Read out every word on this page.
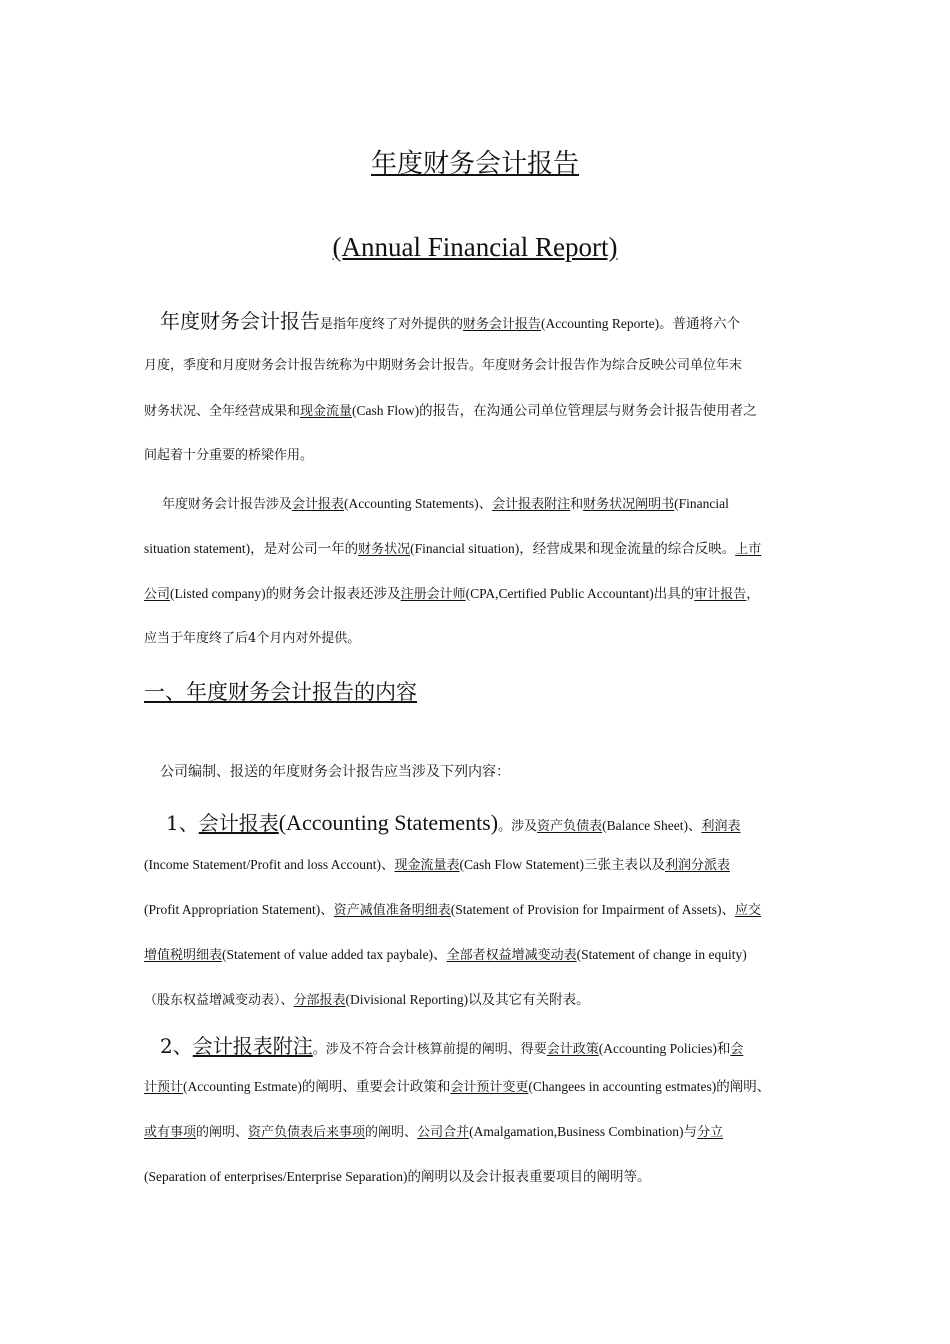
年度财务会计报告
(Annual Financial Report)
年度财务会计报告是指年度终了对外提供的财务会计报告(Accounting Reporte)。普通将六个
月度，季度和月度财务会计报告统称为中期财务会计报告。年度财务会计报告作为综合反映公司单位年末
财务状况、全年经营成果和现金流量(Cash Flow)的报告，在沟通公司单位管理层与财务会计报告使用者之
间起着十分重要的桥梁作用。
年度财务会计报告涉及会计报表(Accounting Statements)、会计报表附注和财务状况阐明书(Financial
situation statement)，是对公司一年的财务状况(Financial situation)，经营成果和现金流量的综合反映。上市
公司(Listed company)的财务会计报表还涉及注册会计师(CPA,Certified Public Accountant)出具的审计报告，
应当于年度终了后4个月内对外提供。
一、年度财务会计报告的内容
公司编制、报送的年度财务会计报告应当涉及下列内容：
1、会计报表(Accounting Statements)。涉及资产负债表(Balance Sheet)、利润表
(Income Statement/Profit and loss Account)、现金流量表(Cash Flow Statement)三张主表以及利润分派表
(Profit Appropriation Statement)、资产减值准备明细表(Statement of Provision for Impairment of Assets)、应交
增值税明细表(Statement of value added tax paybale)、全部者权益增减变动表(Statement of change in equity)
（股东权益增减变动表）、分部报表(Divisional Reporting)以及其它有关附表。
2、会计报表附注。涉及不符合会计核算前提的阐明、得要会计政策(Accounting Policies)和会
计预计(Accounting Estmate)的阐明、重要会计政策和会计预计变更(Changees in accounting estmates)的阐明、
或有事项的阐明、资产负债表后来事项的阐明、公司合并(Amalgamation,Business Combination)与分立
(Separation of enterprises/Enterprise Separation)的阐明以及会计报表重要项目的阐明等。
